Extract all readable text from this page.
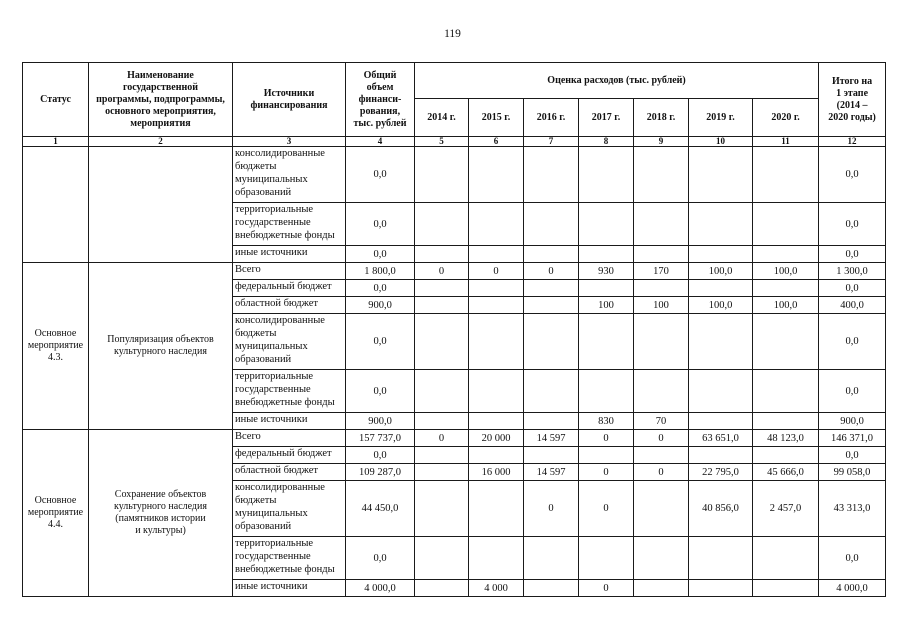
119
Статус	Наименование
государственной
программы, подпрограммы,
основного мероприятия,
мероприятия	Источники
финансирования	Общий
объем
финанси-
рования,
тыс. рублей	Оценка расходов (тыс. рублей)							Итого на
1 этапе
(2014 –
2020 годы)
				2014 г.	2015 г.	2016 г.	2017 г.	2018 г.	2019 г.	2020 г.	
1	2	3	4	5	6	7	8	9	10	11	12
		консолидированные
бюджеты
муниципальных
образований	0,0								0,0
		территориальные
государственные
внебюджетные фонды	0,0								0,0
		иные источники	0,0								0,0
Основное
мероприятие
4.3.	Популяризация объектов
культурного наследия	Всего	1 800,0	0	0	0	930	170	100,0	100,0	1 300,0
		федеральный бюджет	0,0								0,0
		областной бюджет	900,0				100	100	100,0	100,0	400,0
		консолидированные
бюджеты
муниципальных
образований	0,0								0,0
		территориальные
государственные
внебюджетные фонды	0,0								0,0
		иные источники	900,0				830	70			900,0
Основное
мероприятие
4.4.	Сохранение объектов
культурного наследия
(памятников истории
и культуры)	Всего	157 737,0	0	20 000	14 597	0	0	63 651,0	48 123,0	146 371,0
		федеральный бюджет	0,0								0,0
		областной бюджет	109 287,0		16 000	14 597	0	0	22 795,0	45 666,0	99 058,0
		консолидированные
бюджеты
муниципальных
образований	44 450,0			0	0		40 856,0	2 457,0	43 313,0
		территориальные
государственные
внебюджетные фонды	0,0								0,0
		иные источники	4 000,0		4 000		0				4 000,0
